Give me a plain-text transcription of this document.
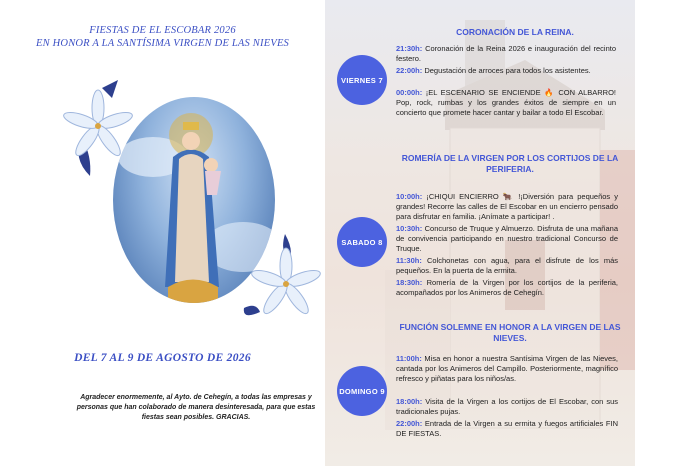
FIESTAS DE EL ESCOBAR 2026
EN HONOR A LA SANTÍSIMA VIRGEN DE LAS NIEVES
DEL 7 AL 9 DE AGOSTO DE 2026
Agradecer enormemente, al Ayto. de Cehegín, a todas las empresas y personas que han colaborado de manera desinteresada, para que estas fiestas sean posibles. GRACIAS.
VIERNES 7
CORONACIÓN DE LA REINA.
21:30h: Coronación de la Reina 2026 e inauguración del recinto festero.
22:00h: Degustación de arroces para todos los asistentes.
00:00h: ¡EL ESCENARIO SE ENCIENDE 🔥 CON ALBARRO! Pop, rock, rumbas y los grandes éxitos de siempre en un concierto que promete hacer cantar y bailar a todo El Escobar.
ROMERÍA DE LA VIRGEN POR LOS CORTIJOS DE LA PERIFERIA.
SABADO 8
10:00h: ¡CHIQUI ENCIERRO 🐂 !¡Diversión para pequeños y grandes! Recorre las calles de El Escobar en un encierro pensado para disfrutar en familia. ¡Anímate a participar! .
10:30h: Concurso de Truque y Almuerzo. Disfruta de una mañana de convivencia participando en nuestro tradicional Concurso de Truque.
11:30h: Colchonetas con agua, para el disfrute de los más pequeños. En la puerta de la ermita.
18:30h: Romería de la Virgen por los cortijos de la periferia, acompañados por los Animeros de Cehegín.
FUNCIÓN SOLEMNE EN HONOR A LA VIRGEN DE LAS NIEVES.
DOMINGO 9
11:00h: Misa en honor a nuestra Santísima Virgen de las Nieves, cantada por los Animeros del Campillo. Posteriormente, magnífico refresco y piñatas para los niños/as.
18:00h: Visita de la Virgen a los cortijos de El Escobar, con sus tradicionales pujas.
22:00h: Entrada de la Virgen a su ermita y fuegos artificiales FIN DE FIESTAS.
